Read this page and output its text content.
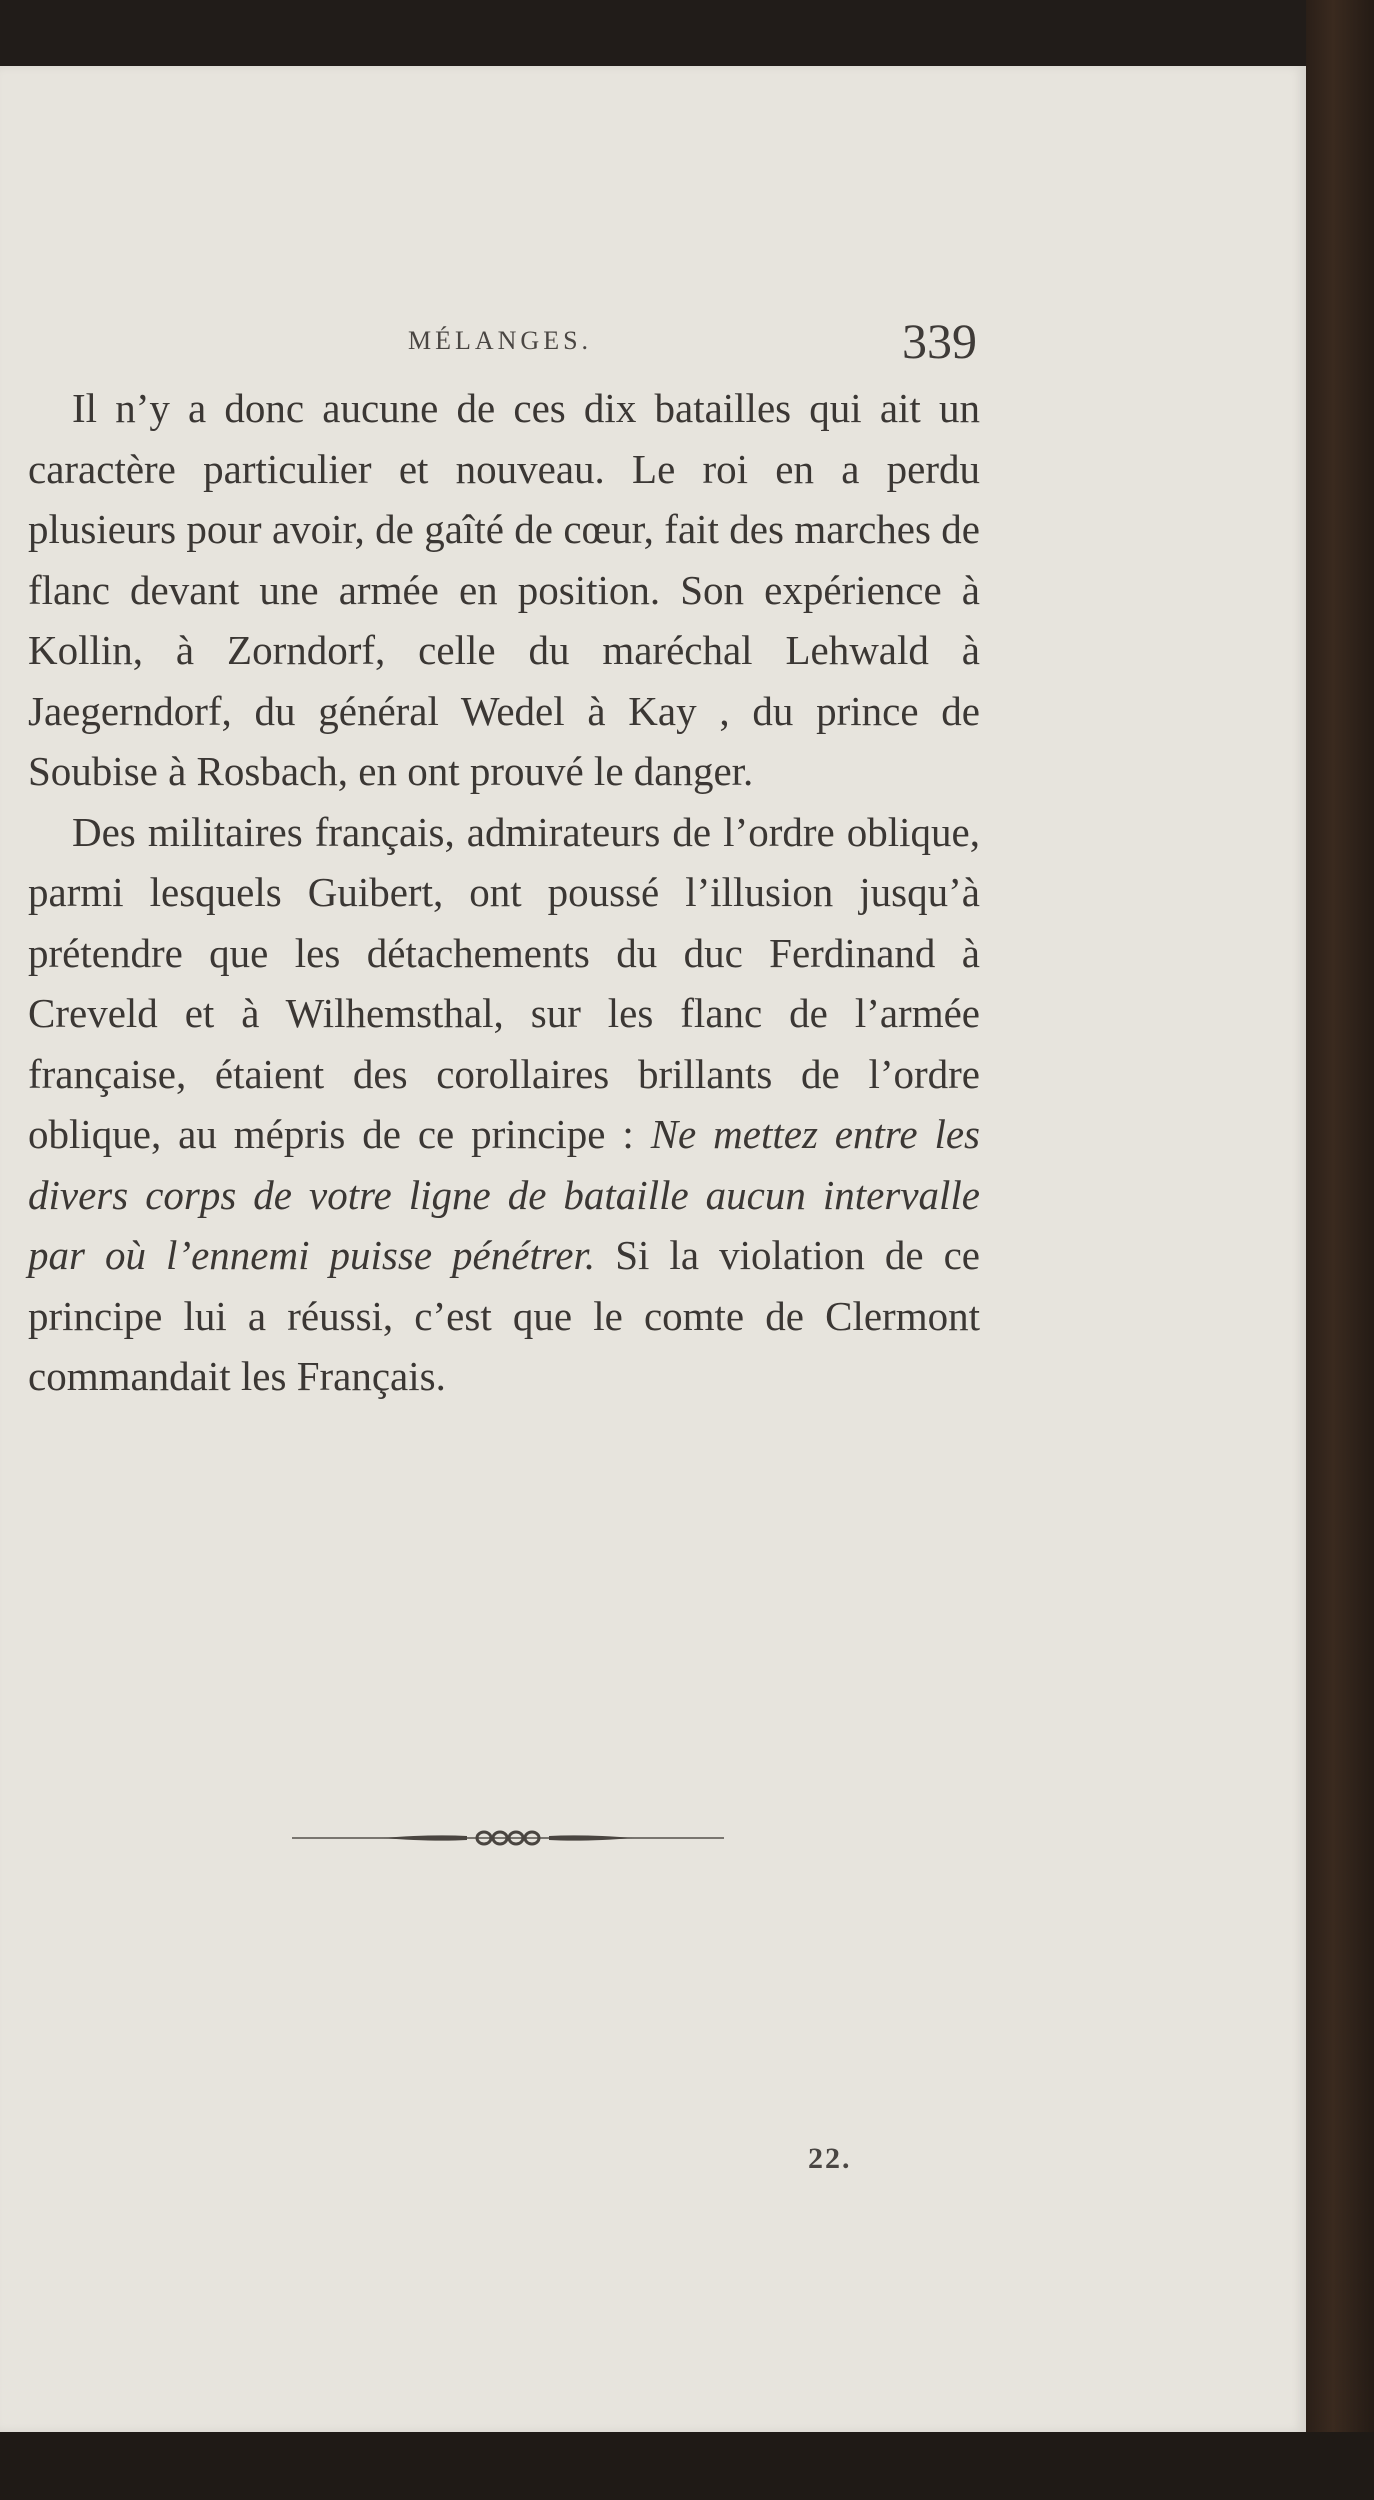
MÉLANGES.	339

Il n’y a donc aucune de ces dix batailles qui ait un caractère particulier et nouveau. Le roi en a perdu plusieurs pour avoir, de gaîté de cœur, fait des marches de flanc devant une armée en position. Son expérience à Kollin, à Zorndorf, celle du maréchal Lehwald à Jaegerndorf, du général Wedel à Kay , du prince de Soubise à Rosbach, en ont prouvé le danger.

Des militaires français, admirateurs de l’ordre oblique, parmi lesquels Guibert, ont poussé l’illusion jusqu’à prétendre que les détachements du duc Ferdinand à Creveld et à Wilhemsthal, sur les flanc de l’armée française, étaient des corollaires brillants de l’ordre oblique, au mépris de ce principe : Ne mettez entre les divers corps de votre ligne de bataille aucun intervalle par où l’ennemi puisse pénétrer. Si la violation de ce principe lui a réussi, c’est que le comte de Clermont commandait les Français.

22.
